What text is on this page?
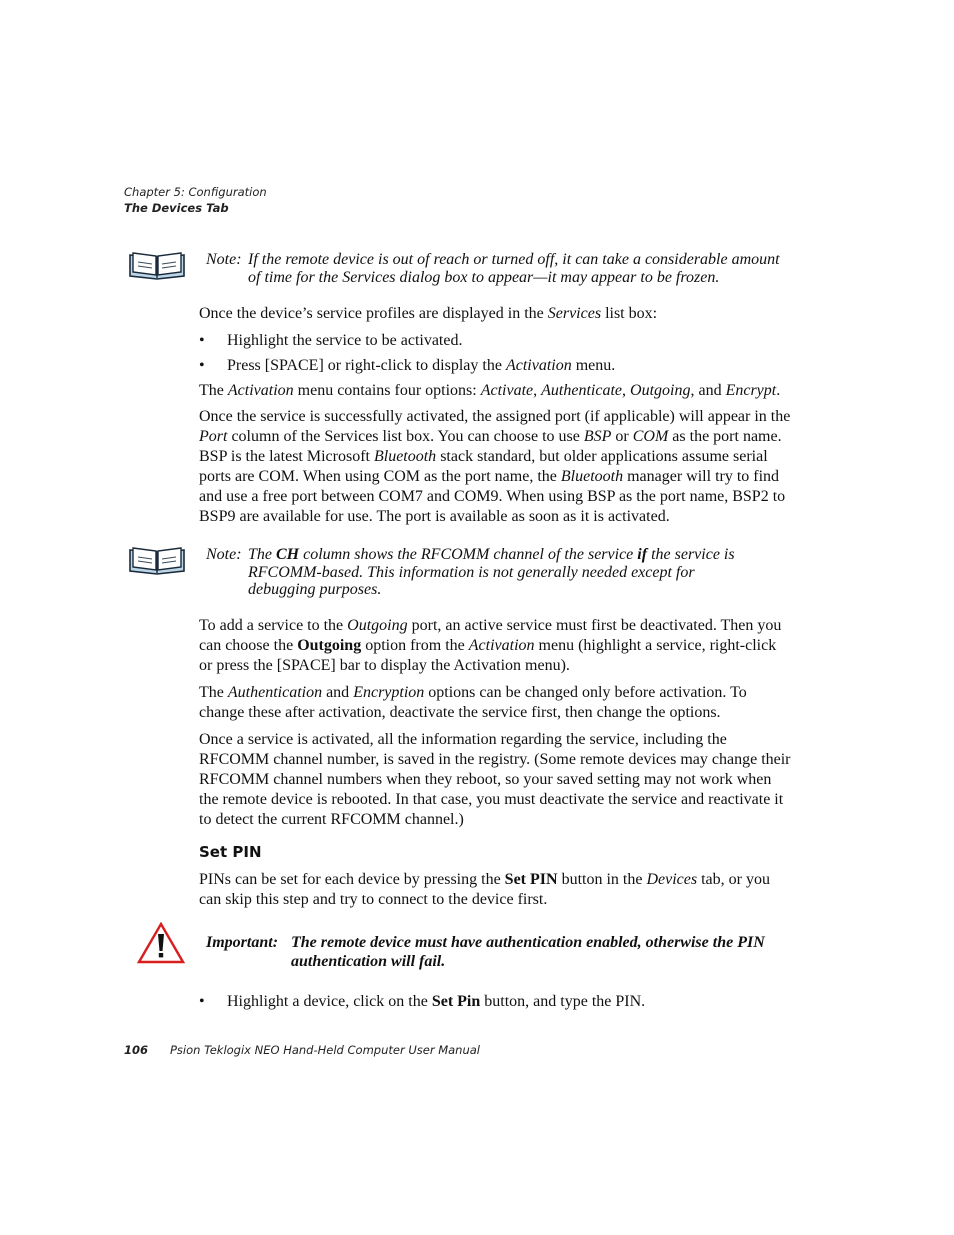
Chapter 5: Configuration
The Devices Tab
Note: If the remote device is out of reach or turned off, it can take a considerable amount
of time for the Services dialog box to appear—it may appear to be frozen.

Once the device’s service profiles are displayed in the Services list box:

• Highlight the service to be activated.
• Press [SPACE] or right-click to display the Activation menu.

The Activation menu contains four options: Activate, Authenticate, Outgoing, and Encrypt.

Once the service is successfully activated, the assigned port (if applicable) will appear in the
Port column of the Services list box. You can choose to use BSP or COM as the port name.
BSP is the latest Microsoft Bluetooth stack standard, but older applications assume serial
ports are COM. When using COM as the port name, the Bluetooth manager will try to find
and use a free port between COM7 and COM9. When using BSP as the port name, BSP2 to
BSP9 are available for use. The port is available as soon as it is activated.

Note: The CH column shows the RFCOMM channel of the service if the service is
RFCOMM-based. This information is not generally needed except for
debugging purposes.

To add a service to the Outgoing port, an active service must first be deactivated. Then you
can choose the Outgoing option from the Activation menu (highlight a service, right-click
or press the [SPACE] bar to display the Activation menu).

The Authentication and Encryption options can be changed only before activation. To
change these after activation, deactivate the service first, then change the options.

Once a service is activated, all the information regarding the service, including the
RFCOMM channel number, is saved in the registry. (Some remote devices may change their
RFCOMM channel numbers when they reboot, so your saved setting may not work when
the remote device is rebooted. In that case, you must deactivate the service and reactivate it
to detect the current RFCOMM channel.)

Set PIN

PINs can be set for each device by pressing the Set PIN button in the Devices tab, or you
can skip this step and try to connect to the device first.

Important: The remote device must have authentication enabled, otherwise the PIN
authentication will fail.
• Highlight a device, click on the Set Pin button, and type the PIN.
106 Psion Teklogix NEO Hand-Held Computer User Manual
